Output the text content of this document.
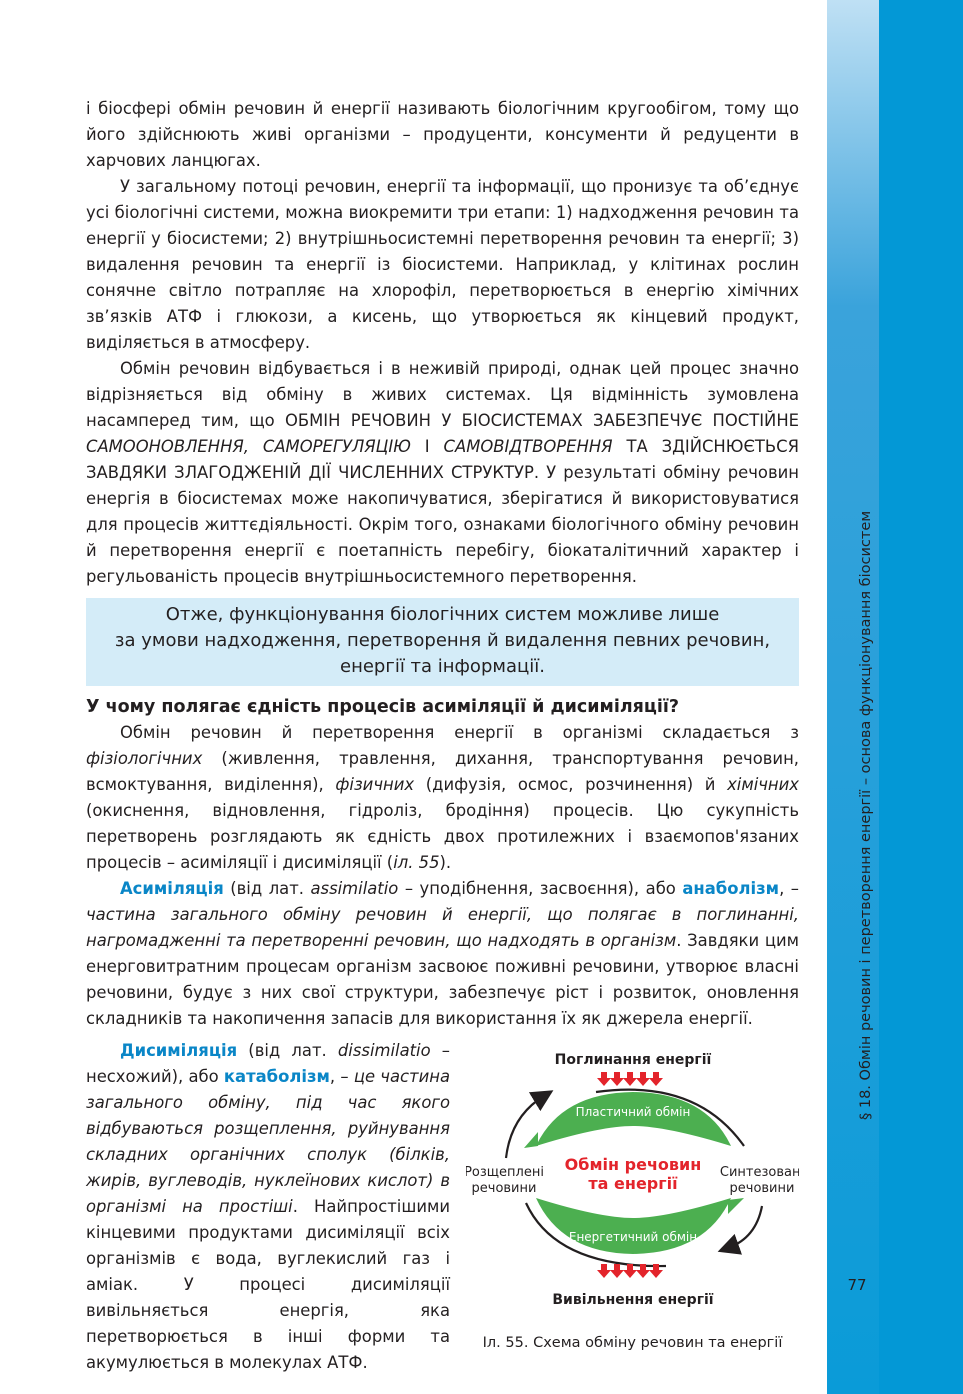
§ 18. Обмін речовин і перетворення енергії – основа функціонування біосистем
77

і біосфері обмін речовин й енергії називають біологічним кругообігом, тому що його здійснюють живі організми – продуценти, консументи й редуценти в харчових ланцюгах.

У загальному потоці речовин, енергії та інформації, що пронизує та об’єднує усі біологічні системи, можна виокремити три етапи: 1) надходження речовин та енергії у біосистеми; 2) внутрішньосистемні перетворення речовин та енергії; 3) видалення речовин та енергії із біосистеми. Наприклад, у клітинах рослин сонячне світло потрапляє на хлорофіл, перетворюється в енергію хімічних зв’язків АТФ і глюкози, а кисень, що утворюється як кінцевий продукт, виділяється в атмосферу.

Обмін речовин відбувається і в неживій природі, однак цей процес значно відрізняється від обміну в живих системах. Ця відмінність зумовлена насамперед тим, що ОБМІН РЕЧОВИН У БІОСИСТЕМАХ ЗАБЕЗПЕЧУЄ ПОСТІЙНЕ САМООНОВЛЕННЯ, САМОРЕГУЛЯЦІЮ І САМОВІДТВОРЕННЯ ТА ЗДІЙСНЮЄТЬСЯ ЗАВДЯКИ ЗЛАГОДЖЕНІЙ ДІЇ ЧИСЛЕННИХ СТРУКТУР. У результаті обміну речовин енергія в біосистемах може накопичуватися, зберігатися й використовуватися для процесів життєдіяльності. Окрім того, ознаками біологічного обміну речовин й перетворення енергії є поетапність перебігу, біокаталітичний характер і регульованість процесів внутрішньосистемного перетворення.

Отже, функціонування біологічних систем можливе лише
за умови надходження, перетворення й видалення певних речовин,
енергії та інформації.
У чому полягає єдність процесів асиміляції й дисиміляції?

Обмін речовин й перетворення енергії в організмі складається з фізіологічних (живлення, травлення, дихання, транспортування речовин, всмоктування, виділення), фізичних (дифузія, осмос, розчинення) й хімічних (окиснення, відновлення, гідроліз, бродіння) процесів. Цю сукупність перетворень розглядають як єдність двох протилежних і взаємопов'язаних процесів – асиміляції і дисиміляції (іл. 55).

Асиміляція (від лат. assimilatio – уподібнення, засвоєння), або анаболізм, – частина загального обміну речовин й енергії, що полягає в поглинанні, нагромадженні та перетворенні речовин, що надходять в організм. Завдяки цим енерговитратним процесам організм засвоює поживні речовини, утворює власні речовини, будує з них свої структури, забезпечує ріст і розвиток, оновлення складників та накопичення запасів для використання їх як джерела енергії.

Дисиміляція (від лат. dissimilatio – несхожий), або катаболізм, – це частина загального обміну, під час якого відбуваються розщеплення, руйнування складних органічних сполук (білків, жирів, вуглеводів, нуклеїнових кислот) в організмі на простіші. Найпростішими кінцевими продуктами дисиміляції всіх організмів є вода, вуглекислий газ і аміак. У процесі дисиміляції вивільняється енергія, яка перетворюється в інші форми та акумулюється в молекулах АТФ.

Поглинання енергії
Пластичний обмін
Енергетичний обмін
Обмін речовин
та енергії
Розщеплені
речовини
Синтезовані
речовини
Вивільнення енергії
Іл. 55. Схема обміну речовин та енергії
